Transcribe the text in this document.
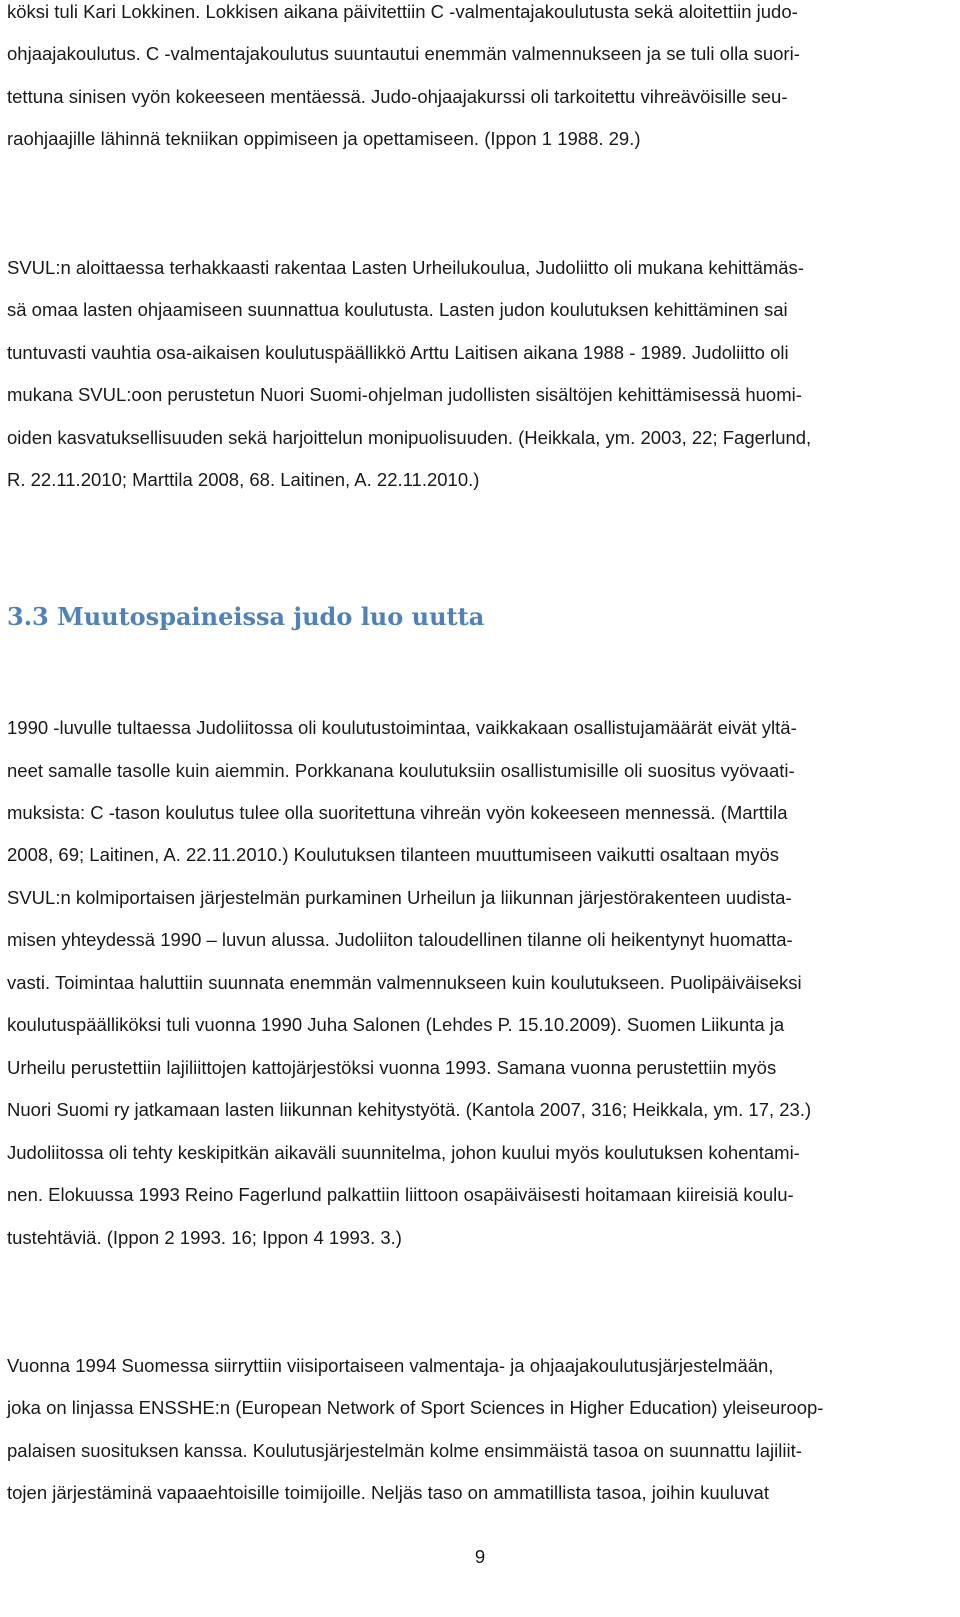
köksi tuli Kari Lokkinen. Lokkisen aikana päivitettiin C -valmentajakoulutusta sekä aloitettiin judo-
ohjaajakoulutus. C -valmentajakoulutus suuntautui enemmän valmennukseen ja se tuli olla suori-
tettuna sinisen vyön kokeeseen mentäessä. Judo-ohjaajakurssi oli tarkoitettu vihreävöisille seu-
raohjaajille lähinnä tekniikan oppimiseen ja opettamiseen. (Ippon 1 1988. 29.)
SVUL:n aloittaessa terhakkaasti rakentaa Lasten Urheilukoulua, Judoliitto oli mukana kehittämäs-
sä omaa lasten ohjaamiseen suunnattua koulutusta. Lasten judon koulutuksen kehittäminen sai
tuntuvasti vauhtia osa-aikaisen koulutuspäällikkö Arttu Laitisen aikana 1988 - 1989. Judoliitto oli
mukana SVUL:oon perustetun Nuori Suomi-ohjelman judollisten sisältöjen kehittämisessä huomi-
oiden kasvatuksellisuuden sekä harjoittelun monipuolisuuden. (Heikkala, ym. 2003, 22; Fagerlund,
R. 22.11.2010; Marttila 2008, 68. Laitinen, A. 22.11.2010.)
3.3 Muutospaineissa judo luo uutta
1990 -luvulle tultaessa Judoliitossa oli koulutustoimintaa, vaikkakaan osallistujamäärät eivät yltä-
neet samalle tasolle kuin aiemmin. Porkkanana koulutuksiin osallistumisille oli suositus vyövaati-
muksista: C -tason koulutus tulee olla suoritettuna vihreän vyön kokeeseen mennessä. (Marttila
2008, 69; Laitinen, A. 22.11.2010.) Koulutuksen tilanteen muuttumiseen vaikutti osaltaan myös
SVUL:n kolmiportaisen järjestelmän purkaminen Urheilun ja liikunnan järjestörakenteen uudista-
misen yhteydessä 1990 – luvun alussa. Judoliiton taloudellinen tilanne oli heikentynyt huomatta-
vasti. Toimintaa haluttiin suunnata enemmän valmennukseen kuin koulutukseen. Puolipäiväiseksi
koulutuspäälliköksi tuli vuonna 1990 Juha Salonen (Lehdes P. 15.10.2009). Suomen Liikunta ja
Urheilu perustettiin lajiliittojen kattojärjestöksi vuonna 1993. Samana vuonna perustettiin myös
Nuori Suomi ry jatkamaan lasten liikunnan kehitystyötä. (Kantola 2007, 316; Heikkala, ym. 17, 23.)
Judoliitossa oli tehty keskipitkän aikaväli suunnitelma, johon kuului myös koulutuksen kohentami-
nen. Elokuussa 1993 Reino Fagerlund palkattiin liittoon osapäiväisesti hoitamaan kiireisiä koulu-
tustehtäviä. (Ippon 2 1993. 16; Ippon 4 1993. 3.)
Vuonna 1994 Suomessa siirryttiin viisiportaiseen valmentaja- ja ohjaajakoulutusjärjestelmään,
joka on linjassa ENSSHE:n (European Network of Sport Sciences in Higher Education) yleiseuroop-
palaisen suosituksen kanssa. Koulutusjärjestelmän kolme ensimmäistä tasoa on suunnattu lajiliit-
tojen järjestäminä vapaaehtoisille toimijoille. Neljäs taso on ammatillista tasoa, joihin kuuluvat
9
